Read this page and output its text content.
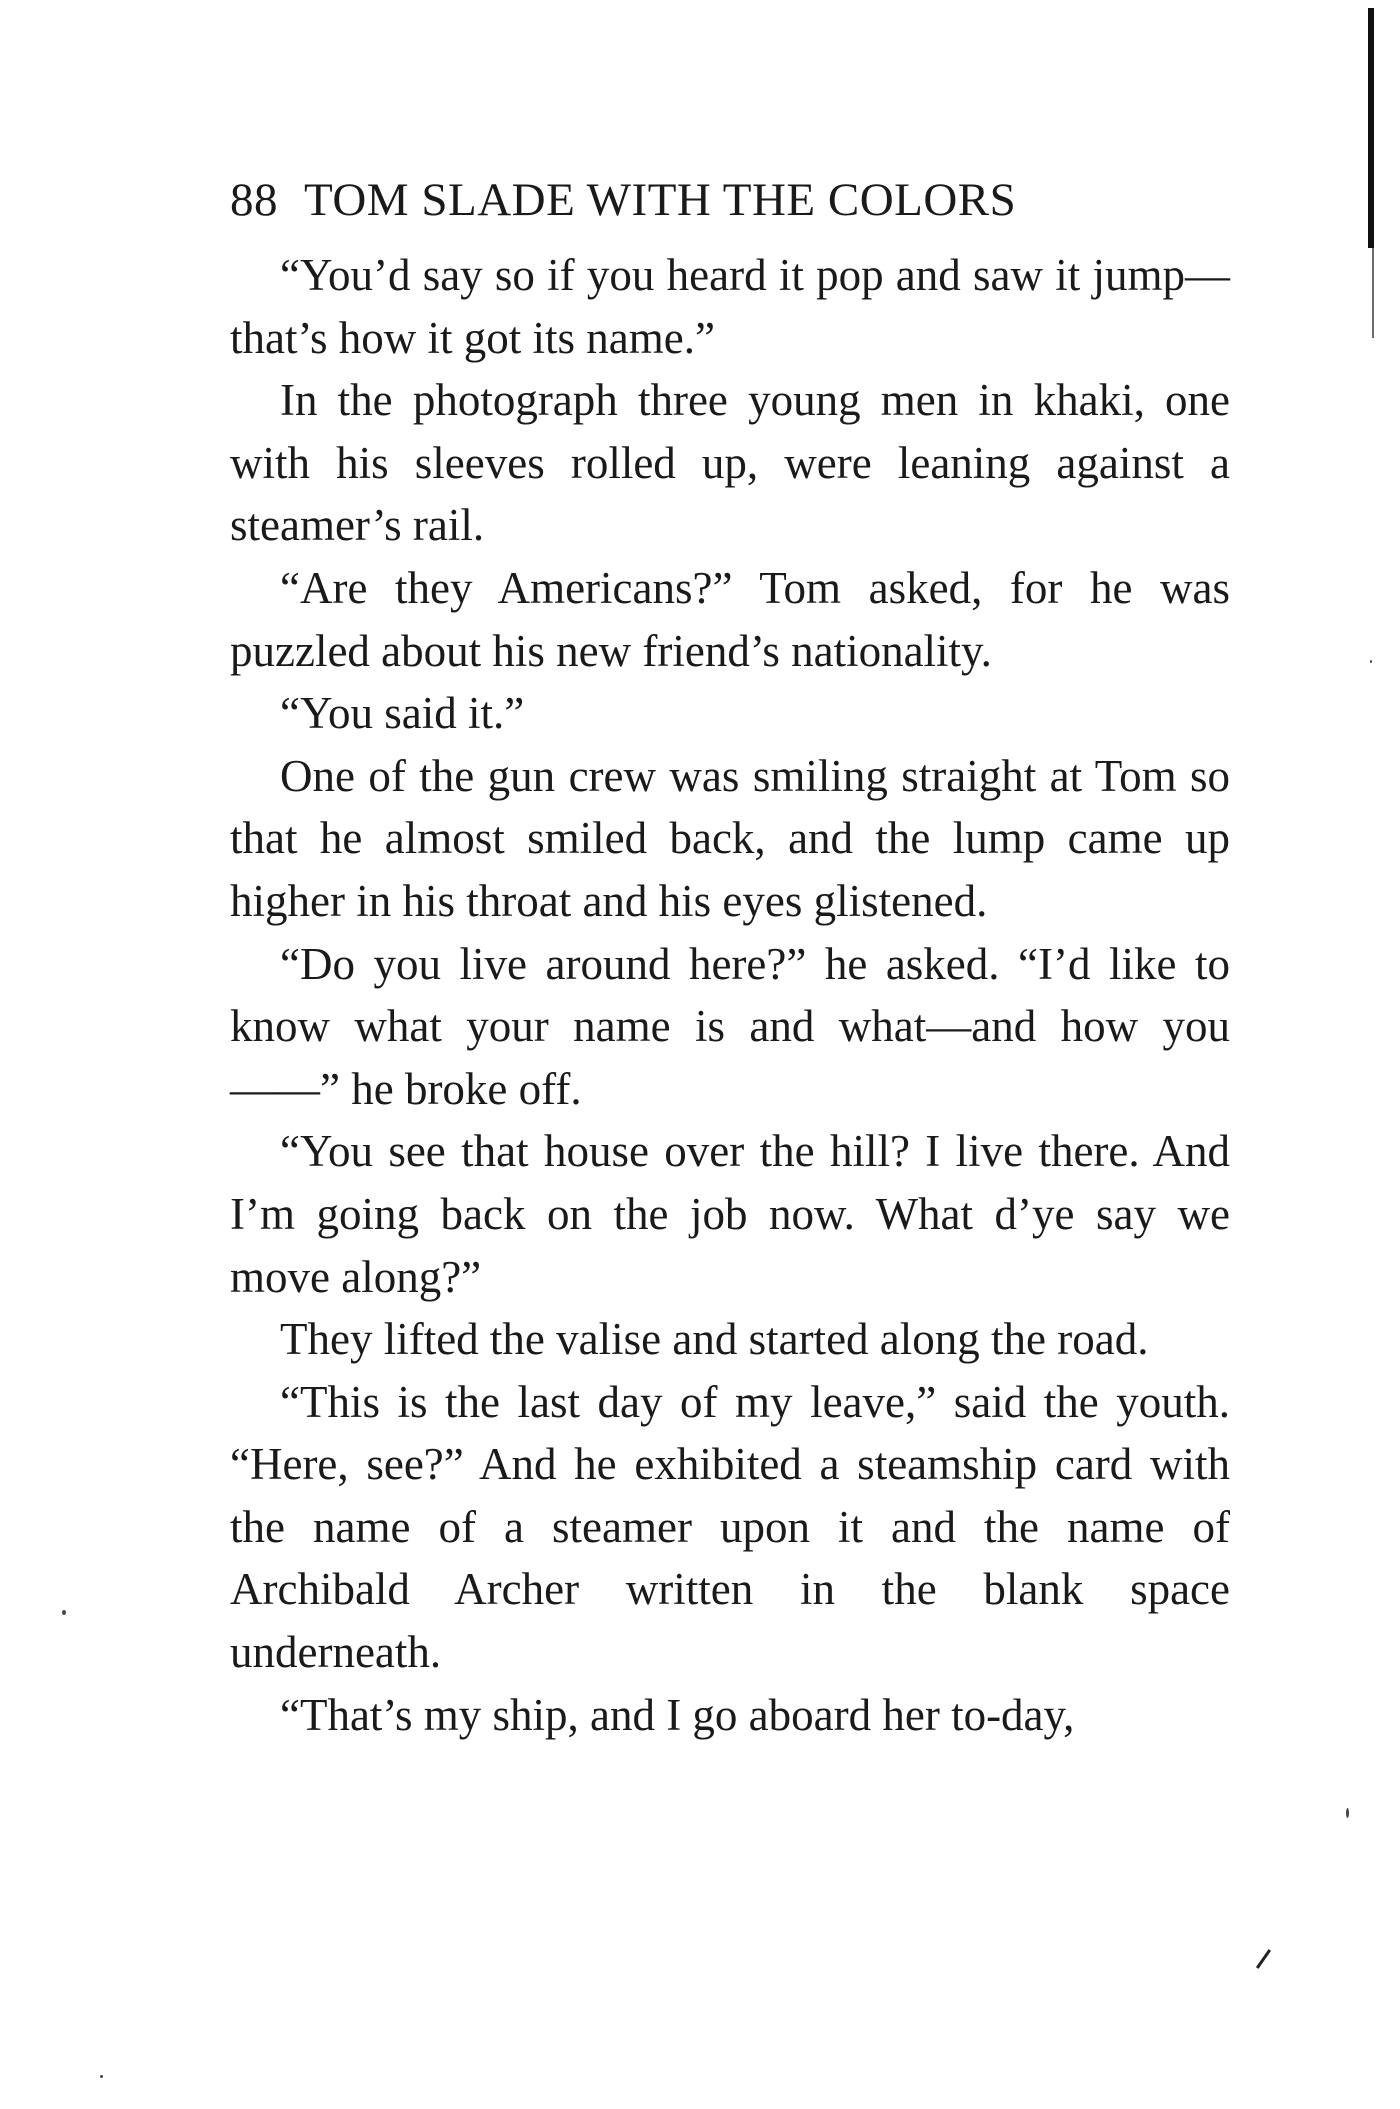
88 TOM SLADE WITH THE COLORS

“You’d say so if you heard it pop and saw it jump—that’s how it got its name.”

In the photograph three young men in khaki, one with his sleeves rolled up, were leaning against a steamer’s rail.

“Are they Americans?” Tom asked, for he was puzzled about his new friend’s nationality.

“You said it.”

One of the gun crew was smiling straight at Tom so that he almost smiled back, and the lump came up higher in his throat and his eyes glistened.

“Do you live around here?” he asked. “I’d like to know what your name is and what—and how you——” he broke off.

“You see that house over the hill? I live there. And I’m going back on the job now. What d’ye say we move along?”

They lifted the valise and started along the road.

“This is the last day of my leave,” said the youth. “Here, see?” And he exhibited a steamship card with the name of a steamer upon it and the name of Archibald Archer written in the blank space underneath.

“That’s my ship, and I go aboard her to-day,
